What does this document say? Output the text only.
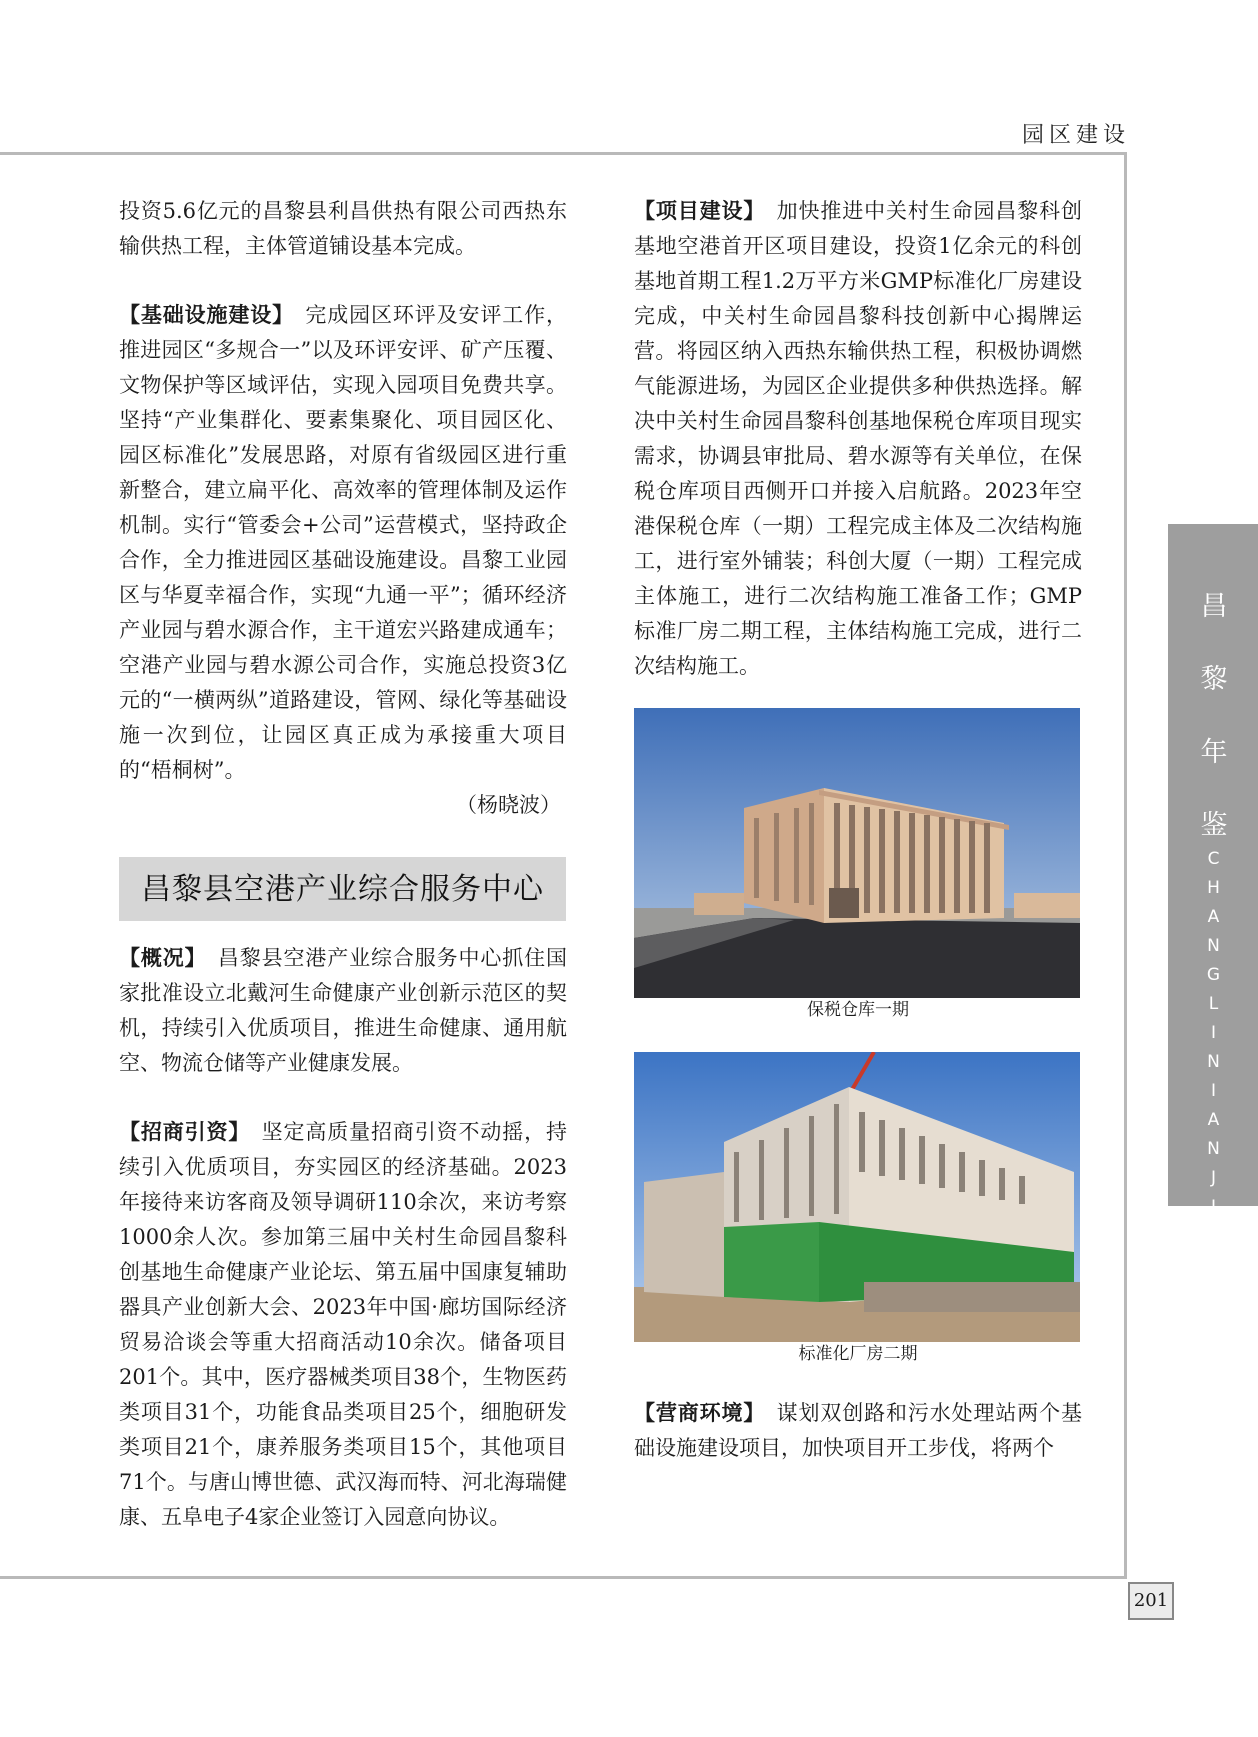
园区建设
昌
黎
年
鉴
C
H
A
N
G
L
I
N
I
A
N
J
I
A
N
201

投资5.6亿元的昌黎县利昌供热有限公司西热东输供热工程，主体管道铺设基本完成。

【基础设施建设】　 完成园区环评及安评工作，推进园区“多规合一”以及环评安评、矿产压覆、文物保护等区域评估，实现入园项目免费共享。坚持“产业集群化、要素集聚化、项目园区化、园区标准化”发展思路，对原有省级园区进行重新整合，建立扁平化、高效率的管理体制及运作机制。实行“管委会+公司”运营模式，坚持政企合作，全力推进园区基础设施建设。昌黎工业园区与华夏幸福合作，实现“九通一平”；循环经济产业园与碧水源合作，主干道宏兴路建成通车；空港产业园与碧水源公司合作，实施总投资3亿元的“一横两纵”道路建设，管网、绿化等基础设施一次到位，让园区真正成为承接重大项目的“梧桐树”。

（杨晓波）

昌黎县空港产业综合服务中心

【概况】　 昌黎县空港产业综合服务中心抓住国家批准设立北戴河生命健康产业创新示范区的契机，持续引入优质项目，推进生命健康、通用航空、物流仓储等产业健康发展。

【招商引资】　 坚定高质量招商引资不动摇，持续引入优质项目，夯实园区的经济基础。2023年接待来访客商及领导调研110余次，来访考察1000余人次。参加第三届中关村生命园昌黎科创基地生命健康产业论坛、第五届中国康复辅助器具产业创新大会、2023年中国·廊坊国际经济贸易洽谈会等重大招商活动10余次。储备项目201个。其中，医疗器械类项目38个，生物医药类项目31个，功能食品类项目25个，细胞研发类项目21个，康养服务类项目15个，其他项目71个。与唐山博世德、武汉海而特、河北海瑞健康、五阜电子4家企业签订入园意向协议。

【项目建设】　 加快推进中关村生命园昌黎科创基地空港首开区项目建设，投资1亿余元的科创基地首期工程1.2万平方米GMP标准化厂房建设完成，中关村生命园昌黎科技创新中心揭牌运营。将园区纳入西热东输供热工程，积极协调燃气能源进场，为园区企业提供多种供热选择。解决中关村生命园昌黎科创基地保税仓库项目现实需求，协调县审批局、碧水源等有关单位，在保税仓库项目西侧开口并接入启航路。2023年空港保税仓库（一期）工程完成主体及二次结构施工，进行室外铺装；科创大厦（一期）工程完成主体施工，进行二次结构施工准备工作；GMP标准厂房二期工程，主体结构施工完成，进行二次结构施工。

保税仓库一期

标准化厂房二期

【营商环境】　 谋划双创路和污水处理站两个基础设施建设项目，加快项目开工步伐，将两个
